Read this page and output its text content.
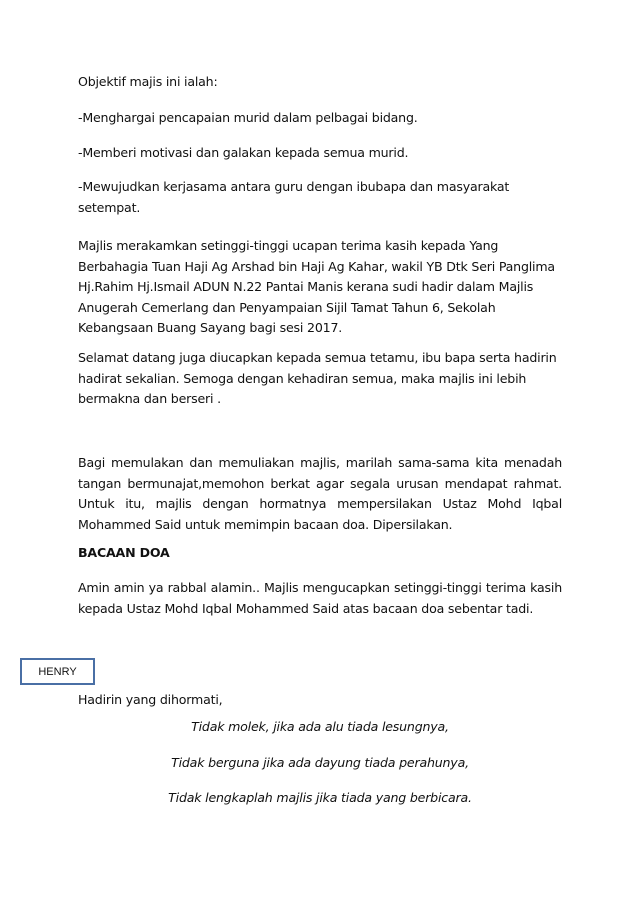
Objektif majis ini ialah:

-Menghargai pencapaian murid dalam pelbagai bidang.

-Memberi motivasi dan galakan kepada semua murid.

-Mewujudkan kerjasama antara guru dengan ibubapa dan masyarakat setempat.

Majlis merakamkan setinggi-tinggi ucapan terima kasih kepada Yang Berbahagia Tuan Haji Ag Arshad bin Haji Ag Kahar, wakil YB Dtk Seri Panglima Hj.Rahim Hj.Ismail ADUN N.22 Pantai Manis kerana sudi hadir dalam Majlis Anugerah Cemerlang dan Penyampaian Sijil Tamat Tahun 6, Sekolah Kebangsaan Buang Sayang bagi sesi 2017.

Selamat datang juga diucapkan kepada semua tetamu, ibu bapa serta hadirin hadirat sekalian. Semoga dengan kehadiran semua, maka majlis ini lebih bermakna dan berseri .

Bagi memulakan dan memuliakan majlis, marilah sama-sama kita menadah tangan bermunajat,memohon berkat agar segala urusan mendapat rahmat. Untuk itu, majlis dengan hormatnya mempersilakan Ustaz Mohd Iqbal Mohammed Said untuk memimpin bacaan doa. Dipersilakan.

BACAAN DOA

Amin amin ya rabbal alamin.. Majlis mengucapkan setinggi-tinggi terima kasih kepada Ustaz Mohd Iqbal Mohammed Said atas bacaan doa sebentar tadi.

HENRY

Hadirin yang dihormati,

Tidak molek, jika ada alu tiada lesungnya,
Tidak berguna jika ada dayung tiada perahunya,
Tidak lengkaplah majlis jika tiada yang berbicara.
